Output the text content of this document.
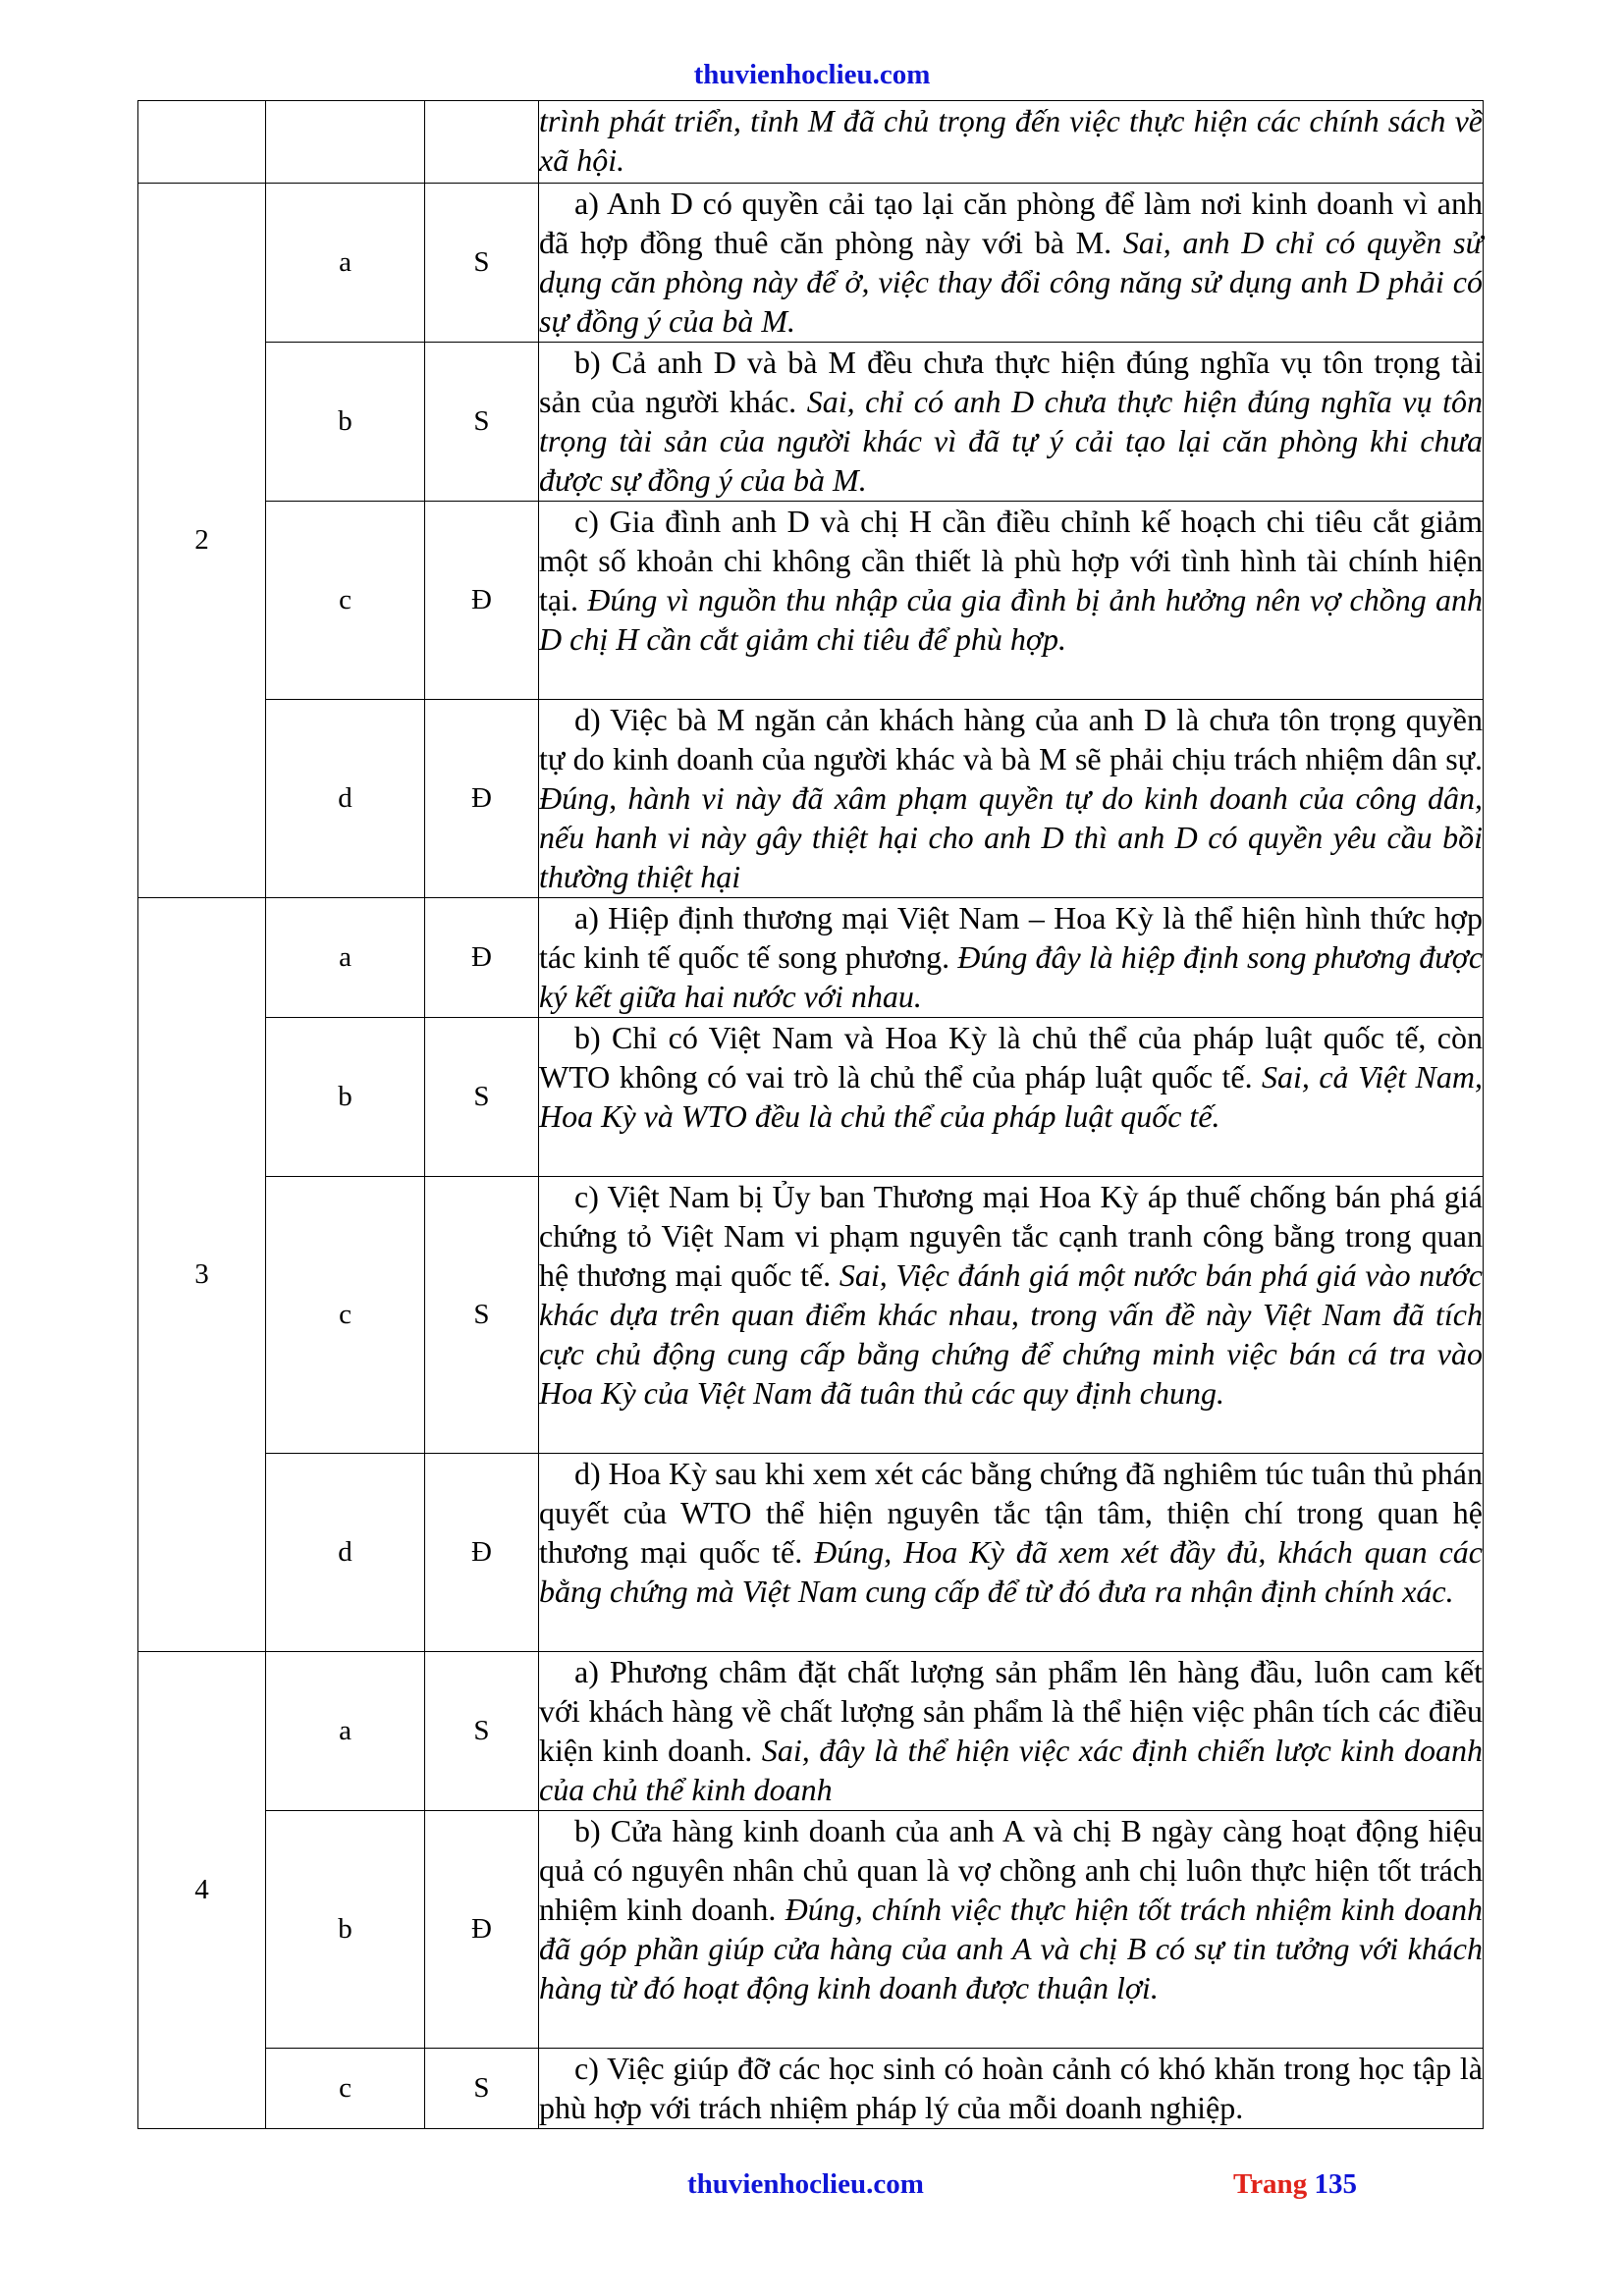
thuvienhoclieu.com
			trình phát triển, tỉnh M đã chủ trọng đến việc thực hiện các chính sách về xã hội.
2	a	S	a) Anh D có quyền cải tạo lại căn phòng để làm nơi kinh doanh vì anh đã hợp đồng thuê căn phòng này với bà M. Sai, anh D chỉ có quyền sử dụng căn phòng này để ở, việc thay đổi công năng sử dụng anh D phải có sự đồng ý của bà M.
	b	S	b) Cả anh D và bà M đều chưa thực hiện đúng nghĩa vụ tôn trọng tài sản của người khác. Sai, chỉ có anh D chưa thực hiện đúng nghĩa vụ tôn trọng tài sản của người khác vì đã tự ý cải tạo lại căn phòng khi chưa được sự đồng ý của bà M.
	c	Đ	c) Gia đình anh D và chị H cần điều chỉnh kế hoạch chi tiêu cắt giảm một số khoản chi không cần thiết là phù hợp với tình hình tài chính hiện tại. Đúng vì nguồn thu nhập của gia đình bị ảnh hưởng nên vợ chồng anh D chị H cần cắt giảm chi tiêu để phù hợp.
	d	Đ	d) Việc bà M ngăn cản khách hàng của anh D là chưa tôn trọng quyền tự do kinh doanh của người khác và bà M sẽ phải chịu trách nhiệm dân sự. Đúng, hành vi này đã xâm phạm quyền tự do kinh doanh của công dân, nếu hanh vi này gây thiệt hại cho anh D thì anh D có quyền yêu cầu bồi thường thiệt hại
3	a	Đ	a) Hiệp định thương mại Việt Nam – Hoa Kỳ là thể hiện hình thức hợp tác kinh tế quốc tế song phương. Đúng đây là hiệp định song phương được ký kết giữa hai nước với nhau.
	b	S	b) Chỉ có Việt Nam và Hoa Kỳ là chủ thể của pháp luật quốc tế, còn WTO không có vai trò là chủ thể của pháp luật quốc tế. Sai, cả Việt Nam, Hoa Kỳ và WTO đều là chủ thể của pháp luật quốc tế.
	c	S	c) Việt Nam bị Ủy ban Thương mại Hoa Kỳ áp thuế chống bán phá giá chứng tỏ Việt Nam vi phạm nguyên tắc cạnh tranh công bằng trong quan hệ thương mại quốc tế. Sai, Việc đánh giá một nước bán phá giá vào nước khác dựa trên quan điểm khác nhau, trong vấn đề này Việt Nam đã tích cực chủ động cung cấp bằng chứng để chứng minh việc bán cá tra vào Hoa Kỳ của Việt Nam đã tuân thủ các quy định chung.
	d	Đ	d) Hoa Kỳ sau khi xem xét các bằng chứng đã nghiêm túc tuân thủ phán quyết của WTO thể hiện nguyên tắc tận tâm, thiện chí trong quan hệ thương mại quốc tế. Đúng, Hoa Kỳ đã xem xét đầy đủ, khách quan các bằng chứng mà Việt Nam cung cấp để từ đó đưa ra nhận định chính xác.
4	a	S	a) Phương châm đặt chất lượng sản phẩm lên hàng đầu, luôn cam kết với khách hàng về chất lượng sản phẩm là thể hiện việc phân tích các điều kiện kinh doanh. Sai, đây là thể hiện việc xác định chiến lược kinh doanh của chủ thể kinh doanh
	b	Đ	b) Cửa hàng kinh doanh của anh A và chị B ngày càng hoạt động hiệu quả có nguyên nhân chủ quan là vợ chồng anh chị luôn thực hiện tốt trách nhiệm kinh doanh. Đúng, chính việc thực hiện tốt trách nhiệm kinh doanh đã góp phần giúp cửa hàng của anh A và chị B có sự tin tưởng với khách hàng từ đó hoạt động kinh doanh được thuận lợi.
	c	S	c) Việc giúp đỡ các học sinh có hoàn cảnh có khó khăn trong học tập là phù hợp với trách nhiệm pháp lý của mỗi doanh nghiệp.
thuvienhoclieu.com	Trang 135
